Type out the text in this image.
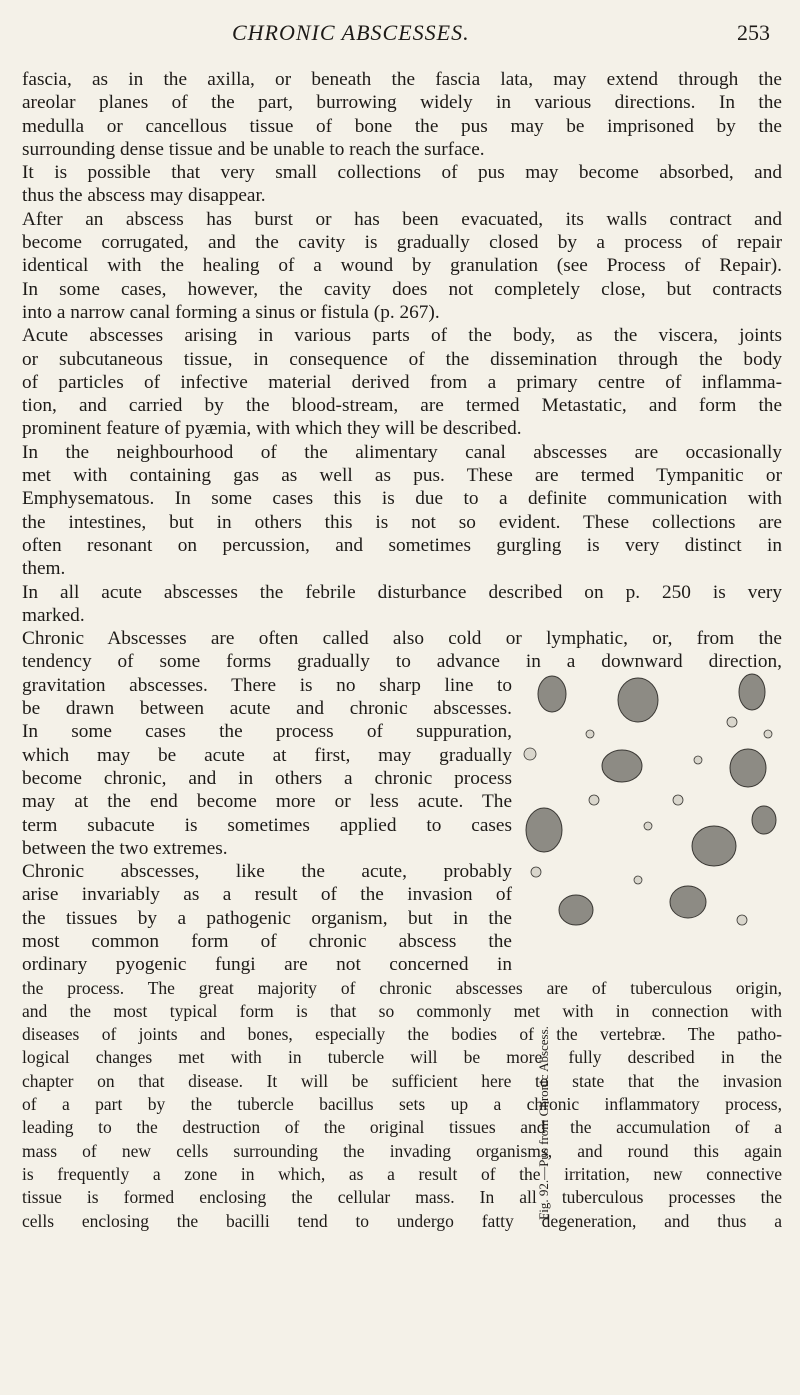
CHRONIC ABSCESSES.	253
fascia, as in the axilla, or beneath the fascia lata, may extend through the
areolar planes of the part, burrowing widely in various directions. In the
medulla or cancellous tissue of bone the pus may be imprisoned by the
surrounding dense tissue and be unable to reach the surface.
It is possible that very small collections of pus may become absorbed, and
thus the abscess may disappear.
After an abscess has burst or has been evacuated, its walls contract and
become corrugated, and the cavity is gradually closed by a process of repair
identical with the healing of a wound by granulation (see Process of Repair).
In some cases, however, the cavity does not completely close, but contracts
into a narrow canal forming a sinus or fistula (p. 267).
Acute abscesses arising in various parts of the body, as the viscera, joints
or subcutaneous tissue, in consequence of the dissemination through the body
of particles of infective material derived from a primary centre of inflamma-
tion, and carried by the blood-stream, are termed Metastatic, and form the
prominent feature of pyæmia, with which they will be described.
In the neighbourhood of the alimentary canal abscesses are occasionally
met with containing gas as well as pus. These are termed Tympanitic or
Emphysematous. In some cases this is due to a definite communication with
the intestines, but in others this is not so evident. These collections are
often resonant on percussion, and sometimes gurgling is very distinct in
them.
In all acute abscesses the febrile disturbance described on p. 250 is very
marked.
Chronic Abscesses are often called also cold or lymphatic, or, from the
tendency of some forms gradually to advance in a downward direction,
gravitation abscesses. There is no sharp line to
be drawn between acute and chronic abscesses.
In some cases the process of suppuration,
which may be acute at first, may gradually
become chronic, and in others a chronic process
may at the end become more or less acute. The
term subacute is sometimes applied to cases
between the two extremes.
Chronic abscesses, like the acute, probably
arise invariably as a result of the invasion of
the tissues by a pathogenic organism, but in the
most common form of chronic abscess the
ordinary pyogenic fungi are not concerned in
the process. The great majority of chronic abscesses are of tuberculous origin,
and the most typical form is that so commonly met with in connection with
diseases of joints and bones, especially the bodies of the vertebræ. The patho-
logical changes met with in tubercle will be more fully described in the
chapter on that disease. It will be sufficient here to state that the invasion
of a part by the tubercle bacillus sets up a chronic inflammatory process,
leading to the destruction of the original tissues and the accumulation of a
mass of new cells surrounding the invading organisms, and round this again
is frequently a zone in which, as a result of the irritation, new connective
tissue is formed enclosing the cellular mass. In all tuberculous processes the
cells enclosing the bacilli tend to undergo fatty degeneration, and thus a
Fig. 92.—Pus from Chronic Abscess.
